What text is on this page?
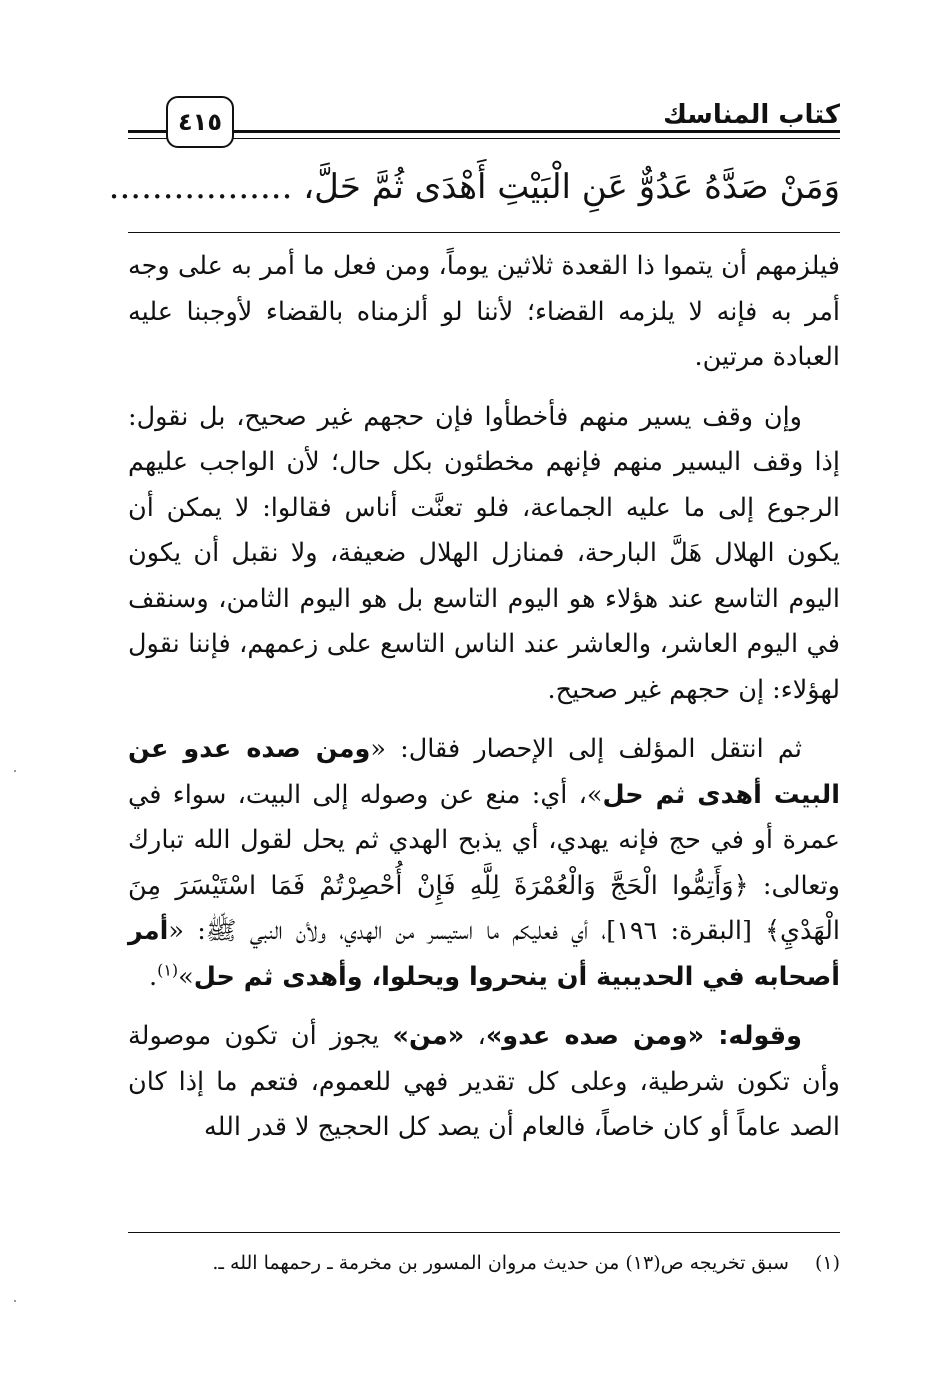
كتاب المناسك
٤١٥
وَمَنْ صَدَّهُ عَدُوٌّ عَنِ الْبَيْتِ أَهْدَى ثُمَّ حَلَّ، .................

فيلزمهم أن يتموا ذا القعدة ثلاثين يوماً، ومن فعل ما أمر به على وجه أمر به فإنه لا يلزمه القضاء؛ لأننا لو ألزمناه بالقضاء لأوجبنا عليه العبادة مرتين.

وإن وقف يسير منهم فأخطأوا فإن حجهم غير صحيح، بل نقول: إذا وقف اليسير منهم فإنهم مخطئون بكل حال؛ لأن الواجب عليهم الرجوع إلى ما عليه الجماعة، فلو تعنَّت أناس فقالوا: لا يمكن أن يكون الهلال هَلَّ البارحة، فمنازل الهلال ضعيفة، ولا نقبل أن يكون اليوم التاسع عند هؤلاء هو اليوم التاسع بل هو اليوم الثامن، وسنقف في اليوم العاشر، والعاشر عند الناس التاسع على زعمهم، فإننا نقول لهؤلاء: إن حجهم غير صحيح.

ثم انتقل المؤلف إلى الإحصار فقال: «ومن صده عدو عن البيت أهدى ثم حل»، أي: منع عن وصوله إلى البيت، سواء في عمرة أو في حج فإنه يهدي، أي يذبح الهدي ثم يحل لقول الله تبارك وتعالى: ﴿وَأَتِمُّوا الْحَجَّ وَالْعُمْرَةَ لِلَّهِ فَإِنْ أُحْصِرْتُمْ فَمَا اسْتَيْسَرَ مِنَ الْهَدْيِ﴾ [البقرة: ١٩٦]، أي فعليكم ما استيسر من الهدي، ولأن النبي ﷺ: «أمر أصحابه في الحديبية أن ينحروا ويحلوا، وأهدى ثم حل»$^{(١)}$.

وقوله: «ومن صده عدو»، «من» يجوز أن تكون موصولة وأن تكون شرطية، وعلى كل تقدير فهي للعموم، فتعم ما إذا كان الصد عاماً أو كان خاصاً، فالعام أن يصد كل الحجيج لا قدر الله

(١)سبق تخريجه ص(١٣) من حديث مروان المسور بن مخرمة ـ رحمهما الله ـ.
